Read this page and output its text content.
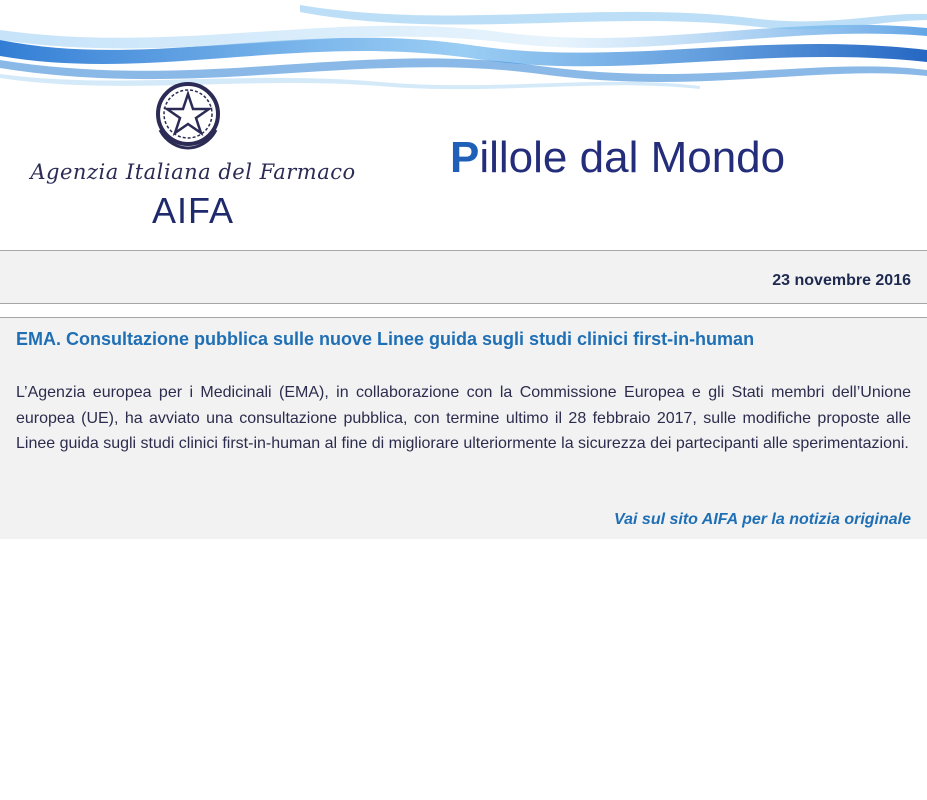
Agenzia Italiana del Farmaco
AIFA
Pillole dal Mondo
23 novembre 2016
EMA. Consultazione pubblica sulle nuove Linee guida sugli studi clinici first-in-human
L’Agenzia europea per i Medicinali (EMA), in collaborazione con la Commissione Europea e gli Stati membri dell’Unione europea (UE), ha avviato una consultazione pubblica, con termine ultimo il 28 febbraio 2017, sulle modifiche proposte alle Linee guida sugli studi clinici first-in-human al fine di migliorare ulteriormente la sicurezza dei partecipanti alle sperimentazioni.
Vai sul sito AIFA per la notizia originale
